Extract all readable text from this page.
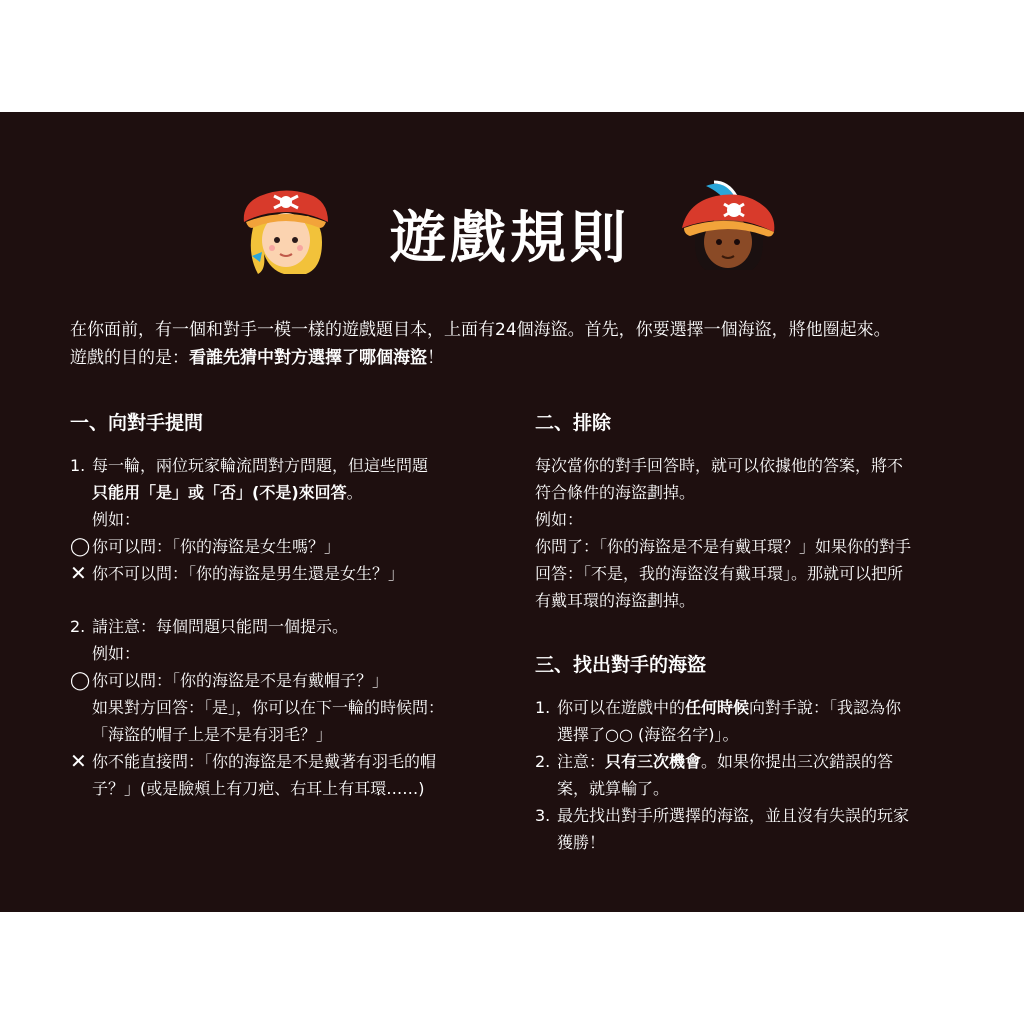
遊戲規則
在你面前，有一個和對手一模一樣的遊戲題目本，上面有24個海盜。首先，你要選擇一個海盜，將他圈起來。
遊戲的目的是：看誰先猜中對方選擇了哪個海盜！
一、向對手提問
1. 每一輪，兩位玩家輪流問對方問題，但這些問題
只能用「是」或「否」(不是)來回答。
例如：
◯ 你可以問：「你的海盜是女生嗎？」
✕ 你不可以問：「你的海盜是男生還是女生？」
2. 請注意：每個問題只能問一個提示。
例如：
◯ 你可以問：「你的海盜是不是有戴帽子？」
如果對方回答：「是」，你可以在下一輪的時候問：
「海盜的帽子上是不是有羽毛？」
✕ 你不能直接問：「你的海盜是不是戴著有羽毛的帽
子？」(或是臉頰上有刀疤、右耳上有耳環……)
二、排除
每次當你的對手回答時，就可以依據他的答案，將不
符合條件的海盜劃掉。
例如：
你問了：「你的海盜是不是有戴耳環？」如果你的對手
回答：「不是，我的海盜沒有戴耳環」。那就可以把所
有戴耳環的海盜劃掉。
三、找出對手的海盜
1. 你可以在遊戲中的任何時候向對手說：「我認為你
選擇了○○ (海盜名字)」。
2. 注意：只有三次機會。如果你提出三次錯誤的答
案，就算輸了。
3. 最先找出對手所選擇的海盜，並且沒有失誤的玩家
獲勝！
